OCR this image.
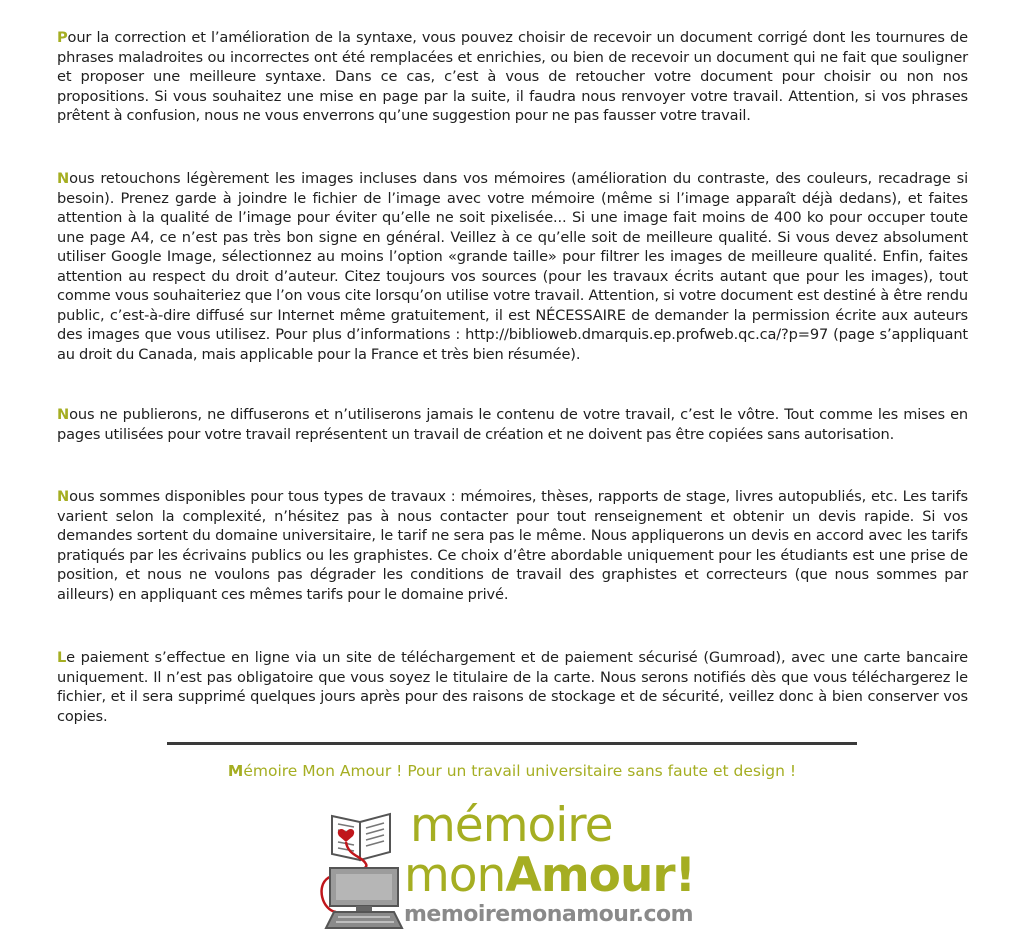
Pour la correction et l’amélioration de la syntaxe, vous pouvez choisir de recevoir un document corrigé dont les tournures de phrases maladroites ou incorrectes ont été remplacées et enrichies, ou bien de recevoir un document qui ne fait que souligner et proposer une meilleure syntaxe. Dans ce cas, c’est à vous de retoucher votre document pour choisir ou non nos propositions. Si vous souhaitez une mise en page par la suite, il faudra nous renvoyer votre travail. Attention, si vos phrases prêtent à confusion, nous ne vous enverrons qu’une suggestion pour ne pas fausser votre travail.

Nous retouchons légèrement les images incluses dans vos mémoires (amélioration du contraste, des couleurs, recadrage si besoin). Prenez garde à joindre le fichier de l’image avec votre mémoire (même si l’image apparaît déjà dedans), et faites attention à la qualité de l’image pour éviter qu’elle ne soit pixelisée... Si une image fait moins de 400 ko pour occuper toute une page A4, ce n’est pas très bon signe en général. Veillez à ce qu’elle soit de meilleure qualité. Si vous devez absolument utiliser Google Image, sélectionnez au moins l’option «grande taille» pour filtrer les images de meilleure qualité. Enfin, faites attention au respect du droit d’auteur. Citez toujours vos sources (pour les travaux écrits autant que pour les images), tout comme vous souhaiteriez que l’on vous cite lorsqu’on utilise votre travail. Attention, si votre document est destiné à être rendu public, c’est-à-dire diffusé sur Internet même gratuitement, il est NÉCESSAIRE de demander la permission écrite aux auteurs des images que vous utilisez. Pour plus d’informations : http://biblioweb.dmarquis.ep.profweb.qc.ca/?p=97 (page s’appliquant au droit du Canada, mais applicable pour la France et très bien résumée).

Nous ne publierons, ne diffuserons et n’utiliserons jamais le contenu de votre travail, c’est le vôtre. Tout comme les mises en pages utilisées pour votre travail représentent un travail de création et ne doivent pas être copiées sans autorisation.

Nous sommes disponibles pour tous types de travaux : mémoires, thèses, rapports de stage, livres autopubliés, etc. Les tarifs varient selon la complexité, n’hésitez pas à nous contacter pour tout renseignement et obtenir un devis rapide. Si vos demandes sortent du domaine universitaire, le tarif ne sera pas le même. Nous appliquerons un devis en accord avec les tarifs pratiqués par les écrivains publics ou les graphistes. Ce choix d’être abordable uniquement pour les étudiants est une prise de position, et nous ne voulons pas dégrader les conditions de travail des graphistes et correcteurs (que nous sommes par ailleurs) en appliquant ces mêmes tarifs pour le domaine privé.

Le paiement s’effectue en ligne via un site de téléchargement et de paiement sécurisé (Gumroad), avec une carte bancaire uniquement. Il n’est pas obligatoire que vous soyez le titulaire de la carte. Nous serons notifiés dès que vous téléchargerez le fichier, et il sera supprimé quelques jours après pour des raisons de stockage et de sécurité, veillez donc à bien conserver vos copies.

Mémoire Mon Amour ! Pour un travail universitaire sans faute et design !
mémoire
monAmour!
memoiremonamour.com
